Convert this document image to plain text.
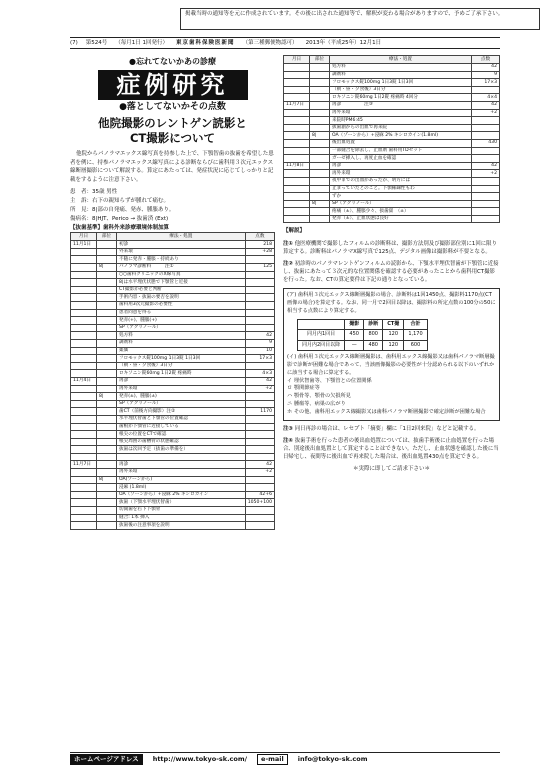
掲載当時の通知等を元に作成されています。その後に出された通知等で、解釈が変わる場合がありますので、予めご了承下さい。
(7) 第524号 （毎月1日 1回発行） 東京歯科保険医新聞 （第三種郵便物認可） 2013年（平成25年）12月1日
●忘れてないかあの診療
症例研究
●落としてないかその点数
他院撮影のレントゲン読影と
CT撮影について
他院からパノラマエックス線写真を持参した上で、下顎智歯の抜歯を希望した患者を例に、持参パノラマエックス線写真による診断ならびに歯科用３次元エックス線断層撮影について解説する。算定にあたっては、発症状況に応じてしっかりと記載をするように注意下さい。
患　者：35歳 男性
主　訴：右下の親知らずが腫れて痛む。
所　見：8|部の自発痛、発赤、腫脹あり。
傷病名：8|HJT、Perico → 抜歯済 (Ext)
【抜歯基準】歯科外来診療環境体制加算
月日	部位	療法・処置	点数
11月1日		初診	218
		外来環	+28
		不随に発赤・腫脹・持続あり	
	8|	パノラマ診断料　　　注①	125
		○○歯科クリニックのX線写真	
		8|は水平埋伏状態で下顎管と近接	
		CT撮影が必要と判断	
		手術内容・抜歯の要否を説明	
		歯科用3次元撮影の必要性	
		患者同意を得る	
		発赤(+)、腫脹(+)	
		SP（アクリノール）	
		処方料	42
		調剤料	9
		薬価	10
		フロモックス錠100mg 1日3錠 1日3回	17×3
		（朝・昼・夕食後）3日分	
		ロキソニン錠60mg 1日2錠 疼痛時	4×3
11月4日		再診	42
		再外来環	+2
	8|	発赤(±)、腫脹(±)	
		SP（アクリノール）	
		歯CT（前後方向撮影）注②	1170
		水平埋伏智歯と下顎管の位置確認	
		歯根が下顎管に近接している	
		根尖の位置をCTで確認	
		根尖周囲の歯槽骨の状態確認	
		抜歯は次回予定（抜歯の準備を）	

11月7日		再診	42
		再外来環	+2
	8|	OA(ゾーンから)	
		浸麻 (1.8ml)	
		OA（ゾーンから）+浸麻 2% キシロカイン	42+6
		抜歯（下顎水平埋伏智歯）	1050+100
		切開歯を右下下顎骨	
		縫合: 1本 挿入	
		抜歯後の注意事項を説明	
月日	部位	療法・処置	点数
		処方料	42
		調剤料	9
		フロモックス錠100mg 1日3錠 1日3回	17×3
		（朝・昼・夕食後）3日分	
		ロキソニン錠60mg 1日2錠 疼痛時 4回分	4×4
11月7日		再診　　　　　注③	42
		再外来環	+2
		来院時PM6:45	
		抜歯創からの出血で再来院	
	8|	OA（ゾーンから）+浸麻 2% キシロカイン(1.8ml)	
		後出血処置	430
		一部縫合を除去し、止血剤 歯科用TDゼット	
		ガーゼ挿入し、再度止血を確認	
11月8日		再診	42
		再外来環	+2
		夜中までの出血があったが、明方には	
		止まっていたとのこと。下顎稀疎性もわ	
		ずか	
	8|	SP（アクリノール）	
		疼痛（±）、腫脹少々、抜歯窩　（±）	
		発赤（±）、止血状態は良好	
【解説】
注① 他医療機関で撮影したフィルムの診断料は、撮影方法別及び撮影部位別に1回に限り算定する。診断料はパノラマX線写真で125点、デジタル画像は撮影料が不要となる。
注② 初診時のパノラマレントゲンフィルムの読影から、下顎水平埋伏智歯が下顎管に近接し、抜歯にあたって３次元的な位置関係を確認する必要があったことから歯科用CT撮影を行った。なお、CTの算定要件は下記の通りとなっている。
(ア) 歯科用３次元エックス線断層撮影の場合、診断料は1回1450点、撮影料1170点(CT画像の場合)を算定する。なお、同一月で2回目以降は、撮影料の所定点数の100分の50に相当する点数により算定する。
	撮影	診断	CT撮	合計
同月内1回目	450	800	120	1,170
同月内2回目以降	—	480	120	600
(イ) 歯科用３次元エックス線断層撮影は、歯科用エックス線撮影又は歯科パノラマ断層撮影で診断が困難な場合であって、当該画像撮影の必要性が十分認められる以下のいずれかに該当する場合に算定する。
イ 埋伏智歯等、下顎管との位置関係
ロ 顎関節症等
ハ 顎骨等、顎骨の欠損所見
ニ 腫瘍等、病巣の広がり
ホ その他、歯科用エックス線撮影又は歯科パノラマ断層撮影で確定診断が困難な場合
注③ 同日再診の場合は、レセプト「摘要」欄に「1日2回来院」などと記載する。
注④ 抜歯手術を行った患者の後出血処置については、抜歯手術後に止血処置を行った場合、別途後出血処置として算定することはできない。ただし、止血状態を確認した後に当日帰宅し、夜間等に後出血で再来院した場合は、後出血処置430点を算定できる。
＊実際に即してご請求下さい＊
ホームページアドレス	http://www.tokyo-sk.com/	e-mail	info@tokyo-sk.com
